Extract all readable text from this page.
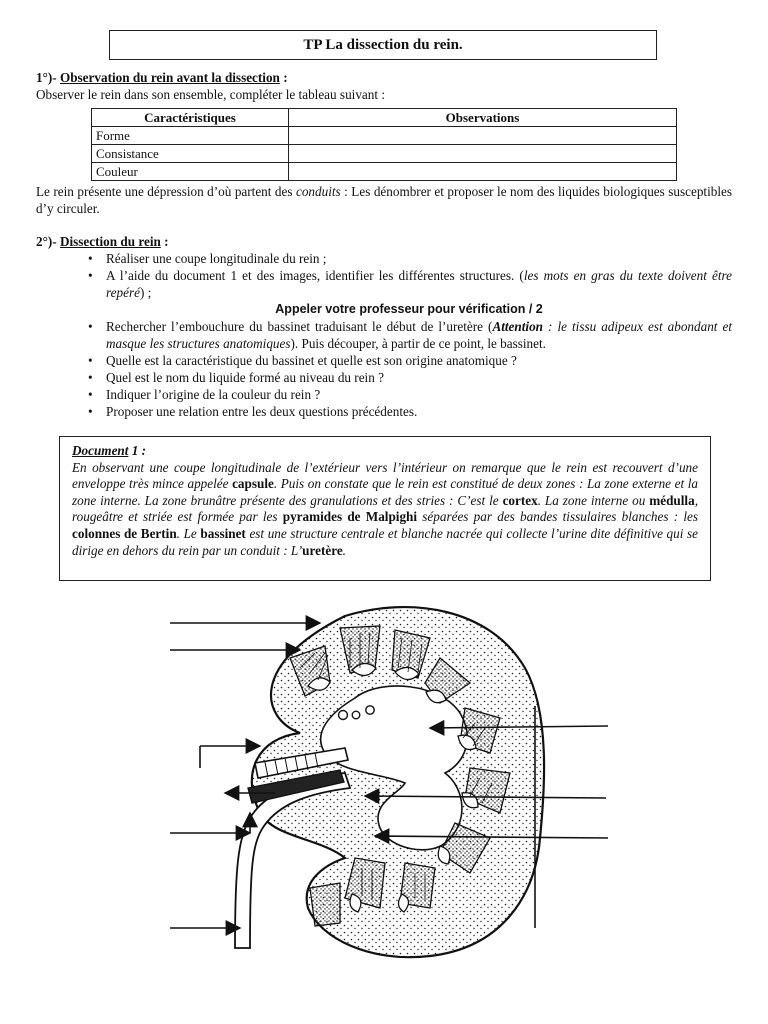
TP La dissection du rein.
1°)- Observation du rein avant la dissection :
Observer le rein dans son ensemble, compléter le tableau suivant :
Caractéristiques	Observations
Forme	
Consistance	
Couleur	
Le rein présente une dépression d’où partent des conduits : Les dénombrer et proposer le nom des liquides biologiques susceptibles d’y circuler.
2°)- Dissection du rein :
• Réaliser une coupe longitudinale du rein ;
• A l’aide du document 1 et des images, identifier les différentes structures. (les mots en gras du texte doivent être repéré) ;
Appeler votre professeur pour vérification / 2
• Rechercher l’embouchure du bassinet traduisant le début de l’uretère (Attention : le tissu adipeux est abondant et masque les structures anatomiques). Puis découper, à partir de ce point, le bassinet.
• Quelle est la caractéristique du bassinet et quelle est son origine anatomique ?
• Quel est le nom du liquide formé au niveau du rein ?
• Indiquer l’origine de la couleur du rein ?
• Proposer une relation entre les deux questions précédentes.
Document 1 :
En observant une coupe longitudinale de l’extérieur vers l’intérieur on remarque que le rein est recouvert d’une enveloppe très mince appelée capsule. Puis on constate que le rein est constitué de deux zones : La zone externe et la zone interne. La zone brunâtre présente des granulations et des stries : C’est le cortex. La zone interne ou médulla, rougeâtre et striée est formée par les pyramides de Malpighi séparées par des bandes tissulaires blanches : les colonnes de Bertin. Le bassinet est une structure centrale et blanche nacrée qui collecte l’urine dite définitive qui se dirige en dehors du rein par un conduit : L’uretère.
